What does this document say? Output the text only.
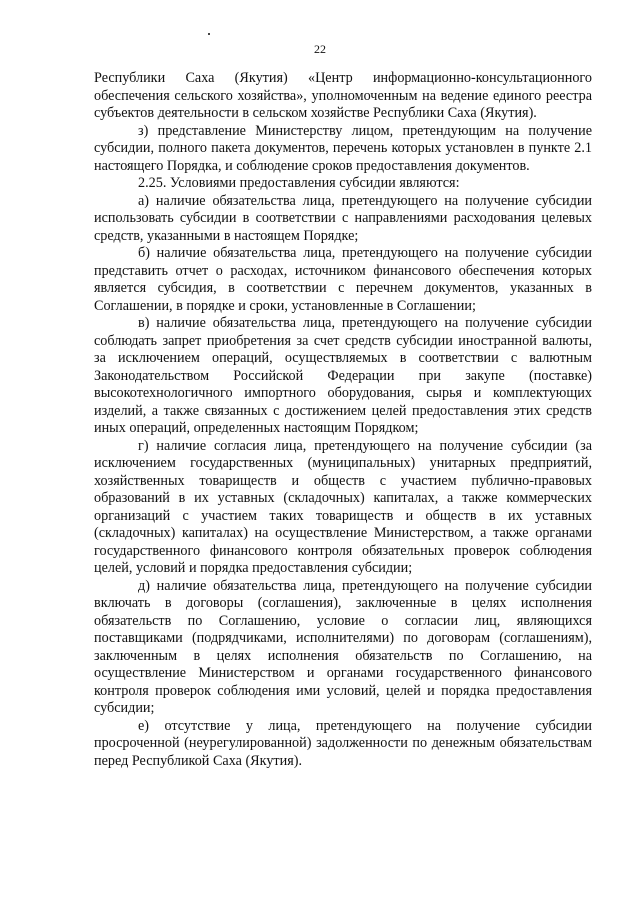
22

Республики Саха (Якутия) «Центр информационно-консультационного обеспечения сельского хозяйства», уполномоченным на ведение единого реестра субъектов деятельности в сельском хозяйстве Республики Саха (Якутия).

з) представление Министерству лицом, претендующим на получение субсидии, полного пакета документов, перечень которых установлен в пункте 2.1 настоящего Порядка, и соблюдение сроков предоставления документов.

2.25. Условиями предоставления субсидии являются:

а) наличие обязательства лица, претендующего на получение субсидии использовать субсидии в соответствии с направлениями расходования целевых средств, указанными в настоящем Порядке;

б) наличие обязательства лица, претендующего на получение субсидии представить отчет о расходах, источником финансового обеспечения которых является субсидия, в соответствии с перечнем документов, указанных в Соглашении, в порядке и сроки, установленные в Соглашении;

в) наличие обязательства лица, претендующего на получение субсидии соблюдать запрет приобретения за счет средств субсидии иностранной валюты, за исключением операций, осуществляемых в соответствии с валютным Законодательством Российской Федерации при закупе (поставке) высокотехнологичного импортного оборудования, сырья и комплектующих изделий, а также связанных с достижением целей предоставления этих средств иных операций, определенных настоящим Порядком;

г) наличие согласия лица, претендующего на получение субсидии (за исключением государственных (муниципальных) унитарных предприятий, хозяйственных товариществ и обществ с участием публично-правовых образований в их уставных (складочных) капиталах, а также коммерческих организаций с участием таких товариществ и обществ в их уставных (складочных) капиталах) на осуществление Министерством, а также органами государственного финансового контроля обязательных проверок соблюдения целей, условий и порядка предоставления субсидии;

д) наличие обязательства лица, претендующего на получение субсидии включать в договоры (соглашения), заключенные в целях исполнения обязательств по Соглашению, условие о согласии лиц, являющихся поставщиками (подрядчиками, исполнителями) по договорам (соглашениям), заключенным в целях исполнения обязательств по Соглашению, на осуществление Министерством и органами государственного финансового контроля проверок соблюдения ими условий, целей и порядка предоставления субсидии;

е) отсутствие у лица, претендующего на получение субсидии просроченной (неурегулированной) задолженности по денежным обязательствам перед Республикой Саха (Якутия).
